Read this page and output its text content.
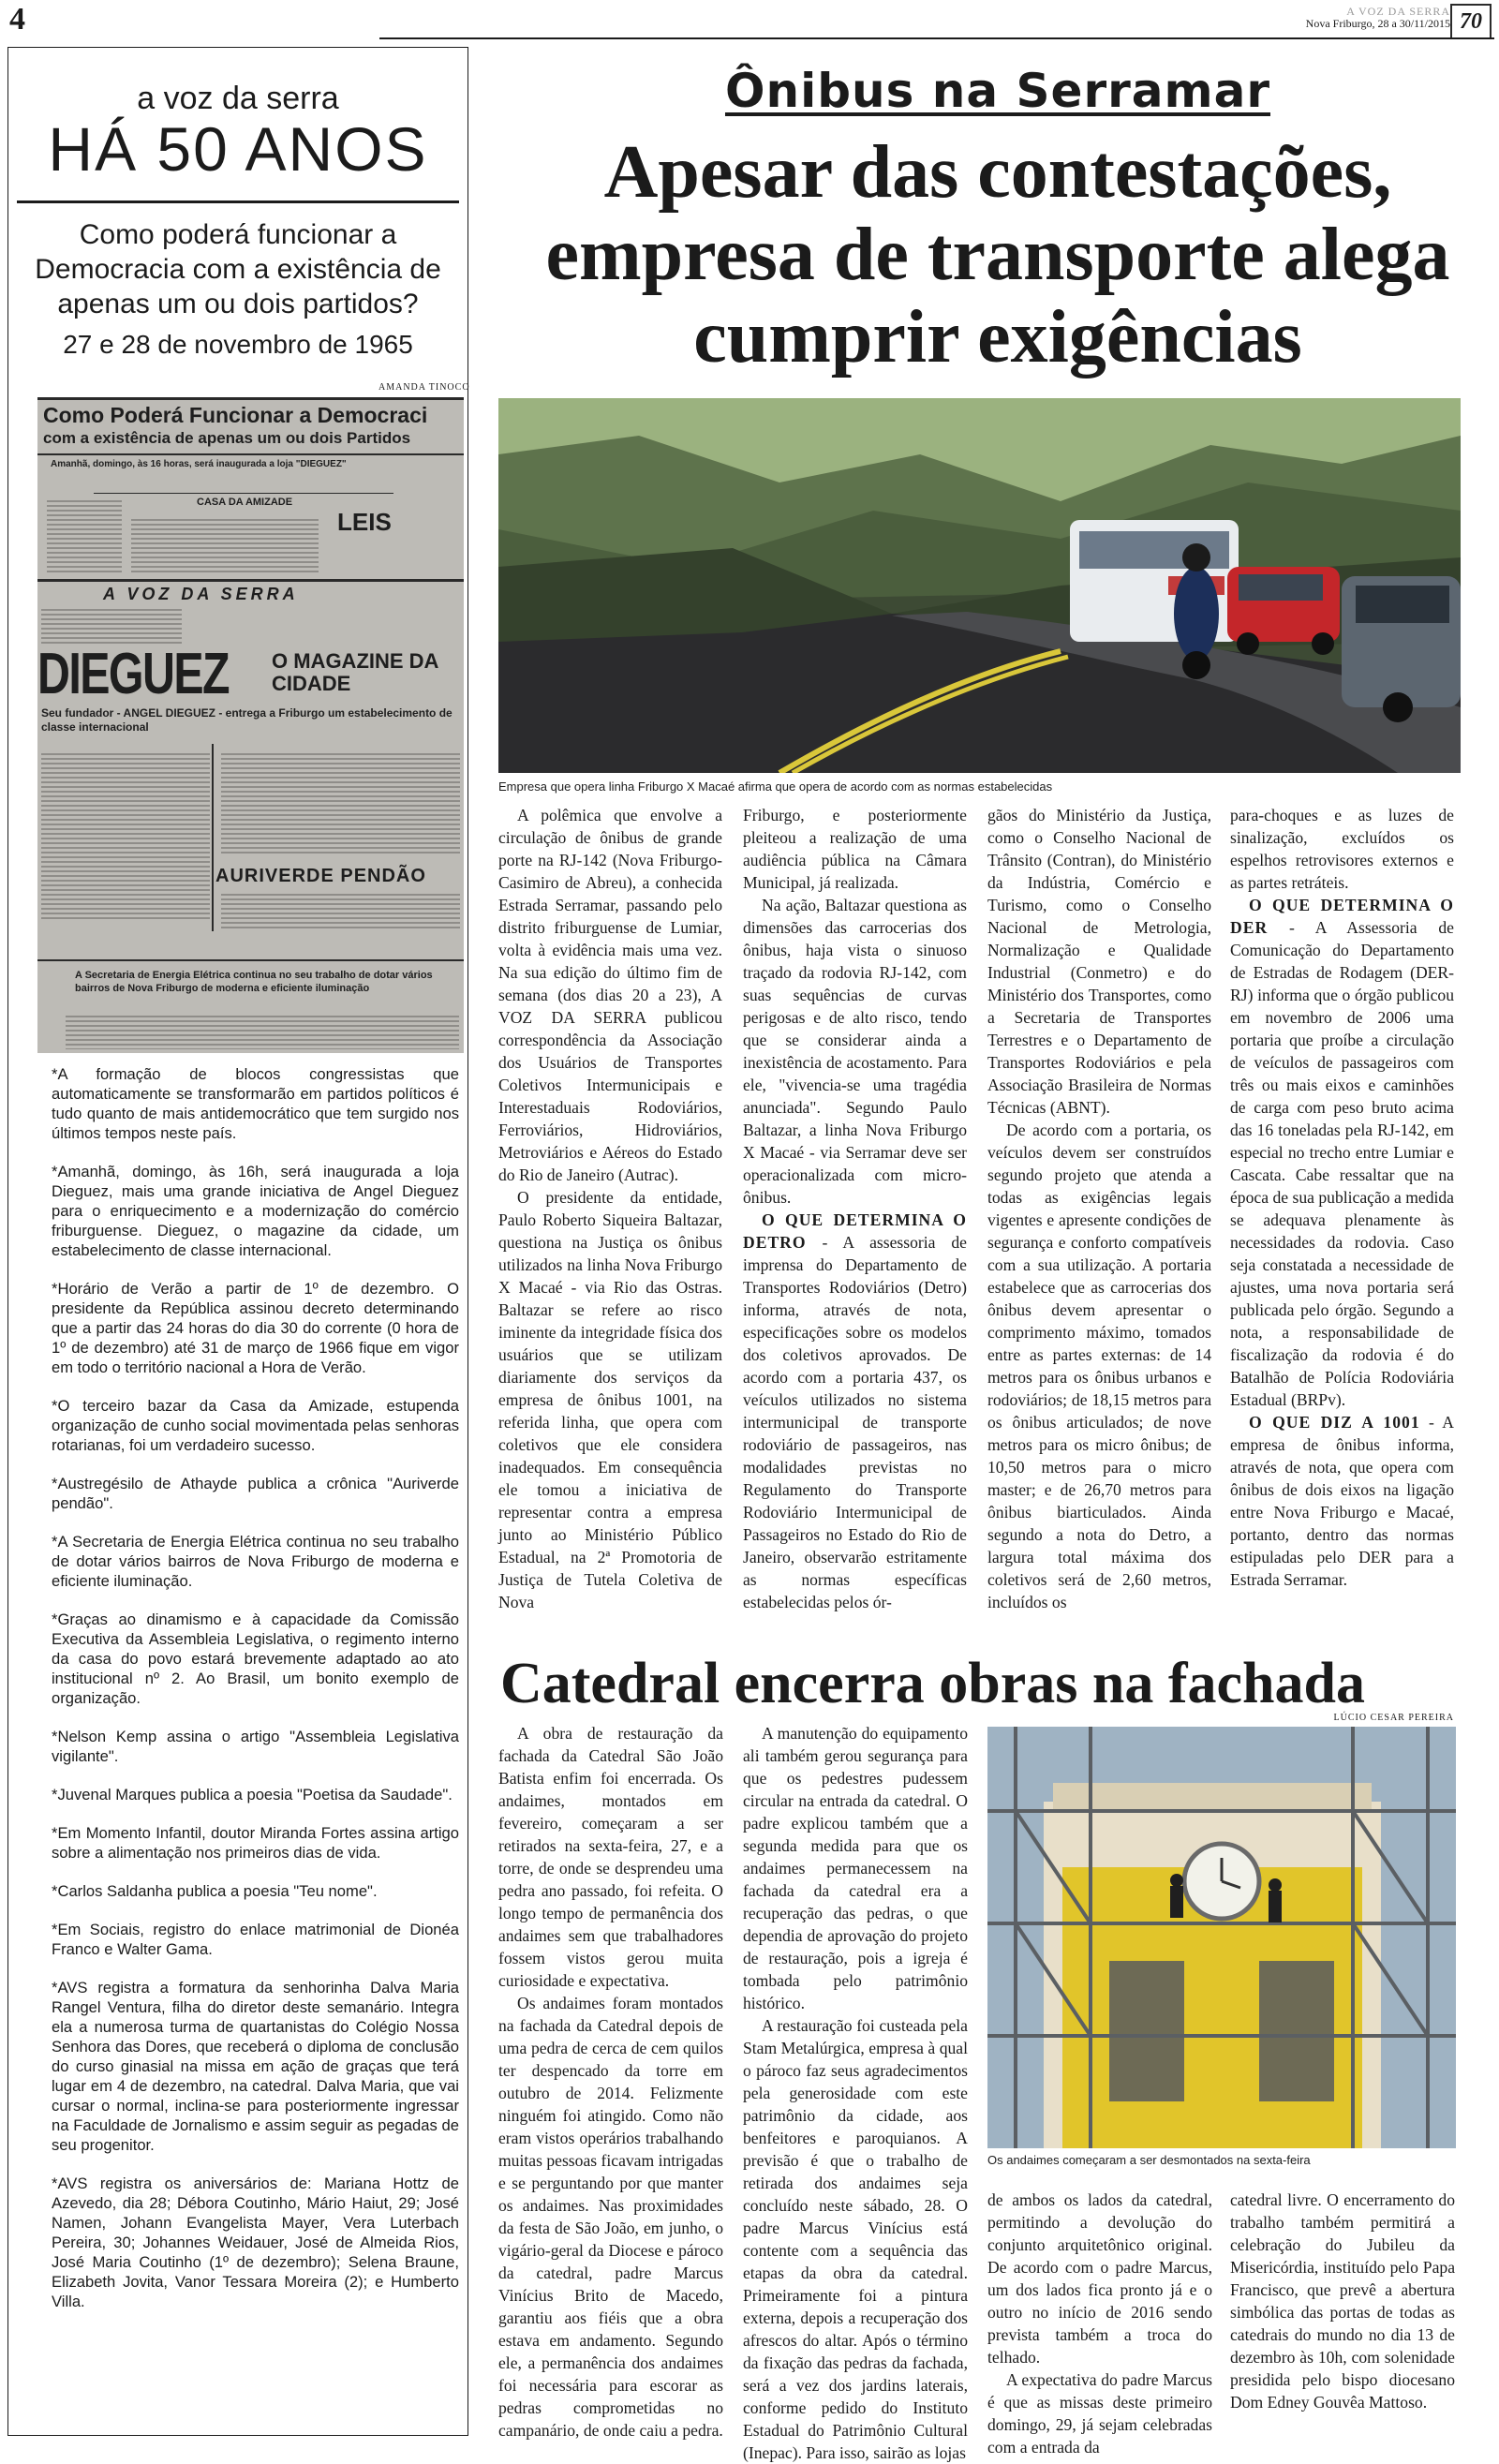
4	A VOZ DA SERRA
Nova Friburgo, 28 a 30/11/2015 70
a voz da serra
HÁ 50 ANOS
Como poderá funcionar a Democracia com a existência de apenas um ou dois partidos?
27 e 28 de novembro de 1965
AMANDA TINOCO
Como Poderá Funcionar a Democraci
com a existência de apenas um ou dois Partidos
Amanhã, domingo, às 16 horas, será inaugurada a loja "DIEGUEZ"
CASA DA AMIZADE
LEIS
A VOZ DA SERRA
DIEGUEZ O MAGAZINE DA CIDADE
Seu fundador - ANGEL DIEGUEZ - entrega a Friburgo um estabelecimento de classe internacional
AURIVERDE PENDÃO
A Secretaria de Energia Elétrica continua no seu trabalho de dotar vários bairros de Nova Friburgo de moderna e eficiente iluminação

*A formação de blocos congressistas que automaticamente se transformarão em partidos políticos é tudo quanto de mais antidemocrático que tem surgido nos últimos tempos neste país.

*Amanhã, domingo, às 16h, será inaugurada a loja Dieguez, mais uma grande iniciativa de Angel Dieguez para o enriquecimento e a modernização do comércio friburguense. Dieguez, o magazine da cidade, um estabelecimento de classe internacional.

*Horário de Verão a partir de 1º de dezembro. O presidente da República assinou decreto determinando que a partir das 24 horas do dia 30 do corrente (0 hora de 1º de dezembro) até 31 de março de 1966 fique em vigor em todo o território nacional a Hora de Verão.

*O terceiro bazar da Casa da Amizade, estupenda organização de cunho social movimentada pelas senhoras rotarianas, foi um verdadeiro sucesso.

*Austregésilo de Athayde publica a crônica "Auriverde pendão".

*A Secretaria de Energia Elétrica continua no seu trabalho de dotar vários bairros de Nova Friburgo de moderna e eficiente iluminação.

*Graças ao dinamismo e à capacidade da Comissão Executiva da Assembleia Legislativa, o regimento interno da casa do povo estará brevemente adaptado ao ato institucional nº 2. Ao Brasil, um bonito exemplo de organização.

*Nelson Kemp assina o artigo "Assembleia Legislativa vigilante".

*Juvenal Marques publica a poesia "Poetisa da Saudade".

*Em Momento Infantil, doutor Miranda Fortes assina artigo sobre a alimentação nos primeiros dias de vida.

*Carlos Saldanha publica a poesia "Teu nome".

*Em Sociais, registro do enlace matrimonial de Dionéa Franco e Walter Gama.

*AVS registra a formatura da senhorinha Dalva Maria Rangel Ventura, filha do diretor deste semanário. Integra ela a numerosa turma de quartanistas do Colégio Nossa Senhora das Dores, que receberá o diploma de conclusão do curso ginasial na missa em ação de graças que terá lugar em 4 de dezembro, na catedral. Dalva Maria, que vai cursar o normal, inclina-se para posteriormente ingressar na Faculdade de Jornalismo e assim seguir as pegadas de seu progenitor.

*AVS registra os aniversários de: Mariana Hottz de Azevedo, dia 28; Débora Coutinho, Mário Haiut, 29; José Namen, Johann Evangelista Mayer, Vera Luterbach Pereira, 30; Johannes Weidauer, José de Almeida Rios, José Maria Coutinho (1º de dezembro); Selena Braune, Elizabeth Jovita, Vanor Tessara Moreira (2); e Humberto Villa.

Ônibus na Serramar
Apesar das contestações, empresa de transporte alega cumprir exigências
Empresa que opera linha Friburgo X Macaé afirma que opera de acordo com as normas estabelecidas

A polêmica que envolve a circulação de ônibus de grande porte na RJ-142 (Nova Friburgo-Casimiro de Abreu), a conhecida Estrada Serramar, passando pelo distrito friburguense de Lumiar, volta à evidência mais uma vez. Na sua edição do último fim de semana (dos dias 20 a 23), A VOZ DA SERRA publicou correspondência da Associação dos Usuários de Transportes Coletivos Intermunicipais e Interestaduais Rodoviários, Ferroviários, Hidroviários, Metroviários e Aéreos do Estado do Rio de Janeiro (Autrac).

O presidente da entidade, Paulo Roberto Siqueira Baltazar, questiona na Justiça os ônibus utilizados na linha Nova Friburgo X Macaé - via Rio das Ostras. Baltazar se refere ao risco iminente da integridade física dos usuários que se utilizam diariamente dos serviços da empresa de ônibus 1001, na referida linha, que opera com coletivos que ele considera inadequados. Em consequência ele tomou a iniciativa de representar contra a empresa junto ao Ministério Público Estadual, na 2ª Promotoria de Justiça de Tutela Coletiva de Nova

Friburgo, e posteriormente pleiteou a realização de uma audiência pública na Câmara Municipal, já realizada.

Na ação, Baltazar questiona as dimensões das carrocerias dos ônibus, haja vista o sinuoso traçado da rodovia RJ-142, com suas sequências de curvas perigosas e de alto risco, tendo que se considerar ainda a inexistência de acostamento. Para ele, "vivencia-se uma tragédia anunciada". Segundo Paulo Baltazar, a linha Nova Friburgo X Macaé - via Serramar deve ser operacionalizada com micro-ônibus.

O QUE DETERMINA O DETRO - A assessoria de imprensa do Departamento de Transportes Rodoviários (Detro) informa, através de nota, especificações sobre os modelos dos coletivos aprovados. De acordo com a portaria 437, os veículos utilizados no sistema intermunicipal de transporte rodoviário de passageiros, nas modalidades previstas no Regulamento do Transporte Rodoviário Intermunicipal de Passageiros no Estado do Rio de Janeiro, observarão estritamente as normas específicas estabelecidas pelos ór-

gãos do Ministério da Justiça, como o Conselho Nacional de Trânsito (Contran), do Ministério da Indústria, Comércio e Turismo, como o Conselho Nacional de Metrologia, Normalização e Qualidade Industrial (Conmetro) e do Ministério dos Transportes, como a Secretaria de Transportes Terrestres e o Departamento de Transportes Rodoviários e pela Associação Brasileira de Normas Técnicas (ABNT).

De acordo com a portaria, os veículos devem ser construídos segundo projeto que atenda a todas as exigências legais vigentes e apresente condições de segurança e conforto compatíveis com a sua utilização. A portaria estabelece que as carrocerias dos ônibus devem apresentar o comprimento máximo, tomados entre as partes externas: de 14 metros para os ônibus urbanos e rodoviários; de 18,15 metros para os ônibus articulados; de nove metros para os micro ônibus; de 10,50 metros para o micro master; e de 26,70 metros para ônibus biarticulados. Ainda segundo a nota do Detro, a largura total máxima dos coletivos será de 2,60 metros, incluídos os

para-choques e as luzes de sinalização, excluídos os espelhos retrovisores externos e as partes retráteis.

O QUE DETERMINA O DER - A Assessoria de Comunicação do Departamento de Estradas de Rodagem (DER-RJ) informa que o órgão publicou em novembro de 2006 uma portaria que proíbe a circulação de veículos de passageiros com três ou mais eixos e caminhões de carga com peso bruto acima das 16 toneladas pela RJ-142, em especial no trecho entre Lumiar e Cascata. Cabe ressaltar que na época de sua publicação a medida se adequava plenamente às necessidades da rodovia. Caso seja constatada a necessidade de ajustes, uma nova portaria será publicada pelo órgão. Segundo a nota, a responsabilidade de fiscalização da rodovia é do Batalhão de Polícia Rodoviária Estadual (BRPv).

O QUE DIZ A 1001 - A empresa de ônibus informa, através de nota, que opera com ônibus de dois eixos na ligação entre Nova Friburgo e Macaé, portanto, dentro das normas estipuladas pelo DER para a Estrada Serramar.

Catedral encerra obras na fachada
LÚCIO CESAR PEREIRA
Os andaimes começaram a ser desmontados na sexta-feira

A obra de restauração da fachada da Catedral São João Batista enfim foi encerrada. Os andaimes, montados em fevereiro, começaram a ser retirados na sexta-feira, 27, e a torre, de onde se desprendeu uma pedra ano passado, foi refeita. O longo tempo de permanência dos andaimes sem que trabalhadores fossem vistos gerou muita curiosidade e expectativa.

Os andaimes foram montados na fachada da Catedral depois de uma pedra de cerca de cem quilos ter despencado da torre em outubro de 2014. Felizmente ninguém foi atingido. Como não eram vistos operários trabalhando muitas pessoas ficavam intrigadas e se perguntando por que manter os andaimes. Nas proximidades da festa de São João, em junho, o vigário-geral da Diocese e pároco da catedral, padre Marcus Vinícius Brito de Macedo, garantiu aos fiéis que a obra estava em andamento. Segundo ele, a permanência dos andaimes foi necessária para escorar as pedras comprometidas no campanário, de onde caiu a pedra.

A manutenção do equipamento ali também gerou segurança para que os pedestres pudessem circular na entrada da catedral. O padre explicou também que a segunda medida para que os andaimes permanecessem na fachada da catedral era a recuperação das pedras, o que dependia de aprovação do projeto de restauração, pois a igreja é tombada pelo patrimônio histórico.

A restauração foi custeada pela Stam Metalúrgica, empresa à qual o pároco faz seus agradecimentos pela generosidade com este patrimônio da cidade, aos benfeitores e paroquianos. A previsão é que o trabalho de retirada dos andaimes seja concluído neste sábado, 28. O padre Marcus Vinícius está contente com a sequência das etapas da obra da catedral. Primeiramente foi a pintura externa, depois a recuperação dos afrescos do altar. Após o término da fixação das pedras da fachada, será a vez dos jardins laterais, conforme pedido do Instituto Estadual do Patrimônio Cultural (Inepac). Para isso, sairão as lojas

de ambos os lados da catedral, permitindo a devolução do conjunto arquitetônico original. De acordo com o padre Marcus, um dos lados fica pronto já e o outro no início de 2016 sendo prevista também a troca do telhado.

A expectativa do padre Marcus é que as missas deste primeiro domingo, 29, já sejam celebradas com a entrada da

catedral livre. O encerramento do trabalho também permitirá a celebração do Jubileu da Misericórdia, instituído pelo Papa Francisco, que prevê a abertura simbólica das portas de todas as catedrais do mundo no dia 13 de dezembro às 10h, com solenidade presidida pelo bispo diocesano Dom Edney Gouvêa Mattoso.
